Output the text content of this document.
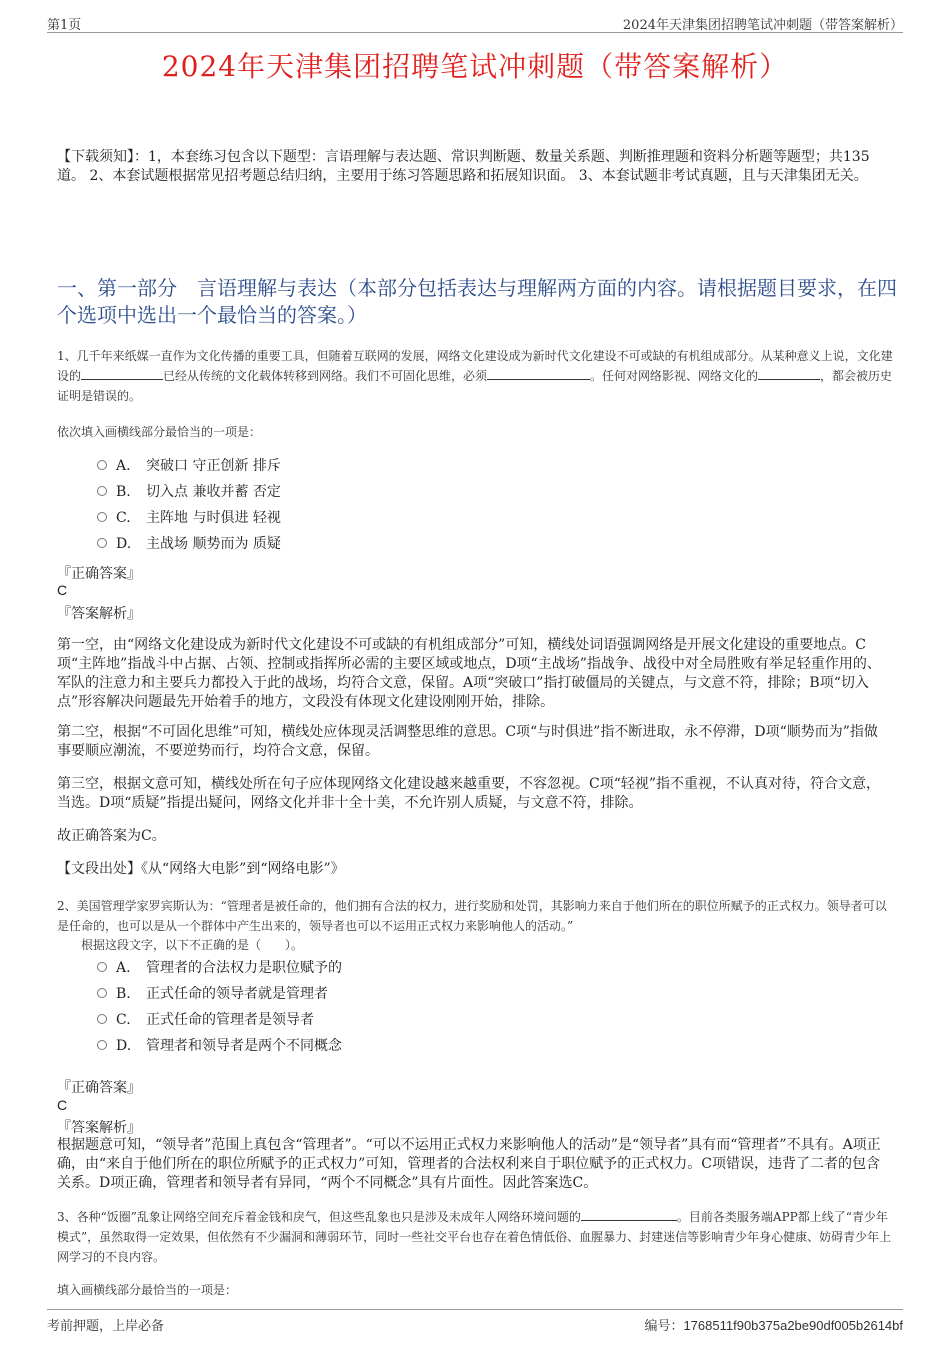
第1页	2024年天津集团招聘笔试冲刺题（带答案解析）
2024年天津集团招聘笔试冲刺题（带答案解析）
【下载须知】：1，本套练习包含以下题型：言语理解与表达题、常识判断题、数量关系题、判断推理题和资料分析题等题型；共135道。 2、本套试题根据常见招考题总结归纳，主要用于练习答题思路和拓展知识面。 3、本套试题非考试真题，且与天津集团无关。
一、第一部分　言语理解与表达（本部分包括表达与理解两方面的内容。请根据题目要求，在四个选项中选出一个最恰当的答案。）
1、几千年来纸媒一直作为文化传播的重要工具，但随着互联网的发展，网络文化建设成为新时代文化建设不可或缺的有机组成部分。从某种意义上说，文化建设的	已经从传统的文化载体转移到网络。我们不可固化思维，必须	。任何对网络影视、网络文化的	，都会被历史证明是错误的。
依次填入画横线部分最恰当的一项是：
A. 突破口 守正创新 排斥
B. 切入点 兼收并蓄 否定
C. 主阵地 与时俱进 轻视
D. 主战场 顺势而为 质疑
『正确答案』
C
『答案解析』
第一空，由“网络文化建设成为新时代文化建设不可或缺的有机组成部分”可知，横线处词语强调网络是开展文化建设的重要地点。C项“主阵地”指战斗中占据、占领、控制或指挥所必需的主要区域或地点，D项“主战场”指战争、战役中对全局胜败有举足轻重作用的、军队的注意力和主要兵力都投入于此的战场，均符合文意，保留。A项“突破口”指打破僵局的关键点，与文意不符，排除；B项“切入点”形容解决问题最先开始着手的地方，文段没有体现文化建设刚刚开始，排除。
第二空，根据“不可固化思维”可知，横线处应体现灵活调整思维的意思。C项“与时俱进”指不断进取，永不停滞，D项“顺势而为”指做事要顺应潮流，不要逆势而行，均符合文意，保留。
第三空，根据文意可知，横线处所在句子应体现网络文化建设越来越重要，不容忽视。C项“轻视”指不重视，不认真对待，符合文意，当选。D项“质疑”指提出疑问，网络文化并非十全十美，不允许别人质疑，与文意不符，排除。
故正确答案为C。
【文段出处】《从“网络大电影”到“网络电影”》
2、美国管理学家罗宾斯认为：“管理者是被任命的，他们拥有合法的权力，进行奖励和处罚，其影响力来自于他们所在的职位所赋予的正式权力。领导者可以是任命的，也可以是从一个群体中产生出来的，领导者也可以不运用正式权力来影响他人的活动。”
根据这段文字，以下不正确的是（　　）。
A. 管理者的合法权力是职位赋予的
B. 正式任命的领导者就是管理者
C. 正式任命的管理者是领导者
D. 管理者和领导者是两个不同概念
『正确答案』
C
『答案解析』
根据题意可知，“领导者”范围上真包含“管理者”。“可以不运用正式权力来影响他人的活动”是“领导者”具有而“管理者”不具有。A项正确，由“来自于他们所在的职位所赋予的正式权力”可知，管理者的合法权利来自于职位赋予的正式权力。C项错误，违背了二者的包含关系。D项正确，管理者和领导者有异同，“两个不同概念”具有片面性。因此答案选C。
3、各种“饭圈”乱象让网络空间充斥着金钱和戾气，但这些乱象也只是涉及未成年人网络环境问题的	。目前各类服务端APP都上线了“青少年模式”，虽然取得一定效果，但依然有不少漏洞和薄弱环节，同时一些社交平台也存在着色情低俗、血腥暴力、封建迷信等影响青少年身心健康、妨碍青少年上网学习的不良内容。
填入画横线部分最恰当的一项是：
考前押题，上岸必备	编号：1768511f90b375a2be90df005b2614bf
